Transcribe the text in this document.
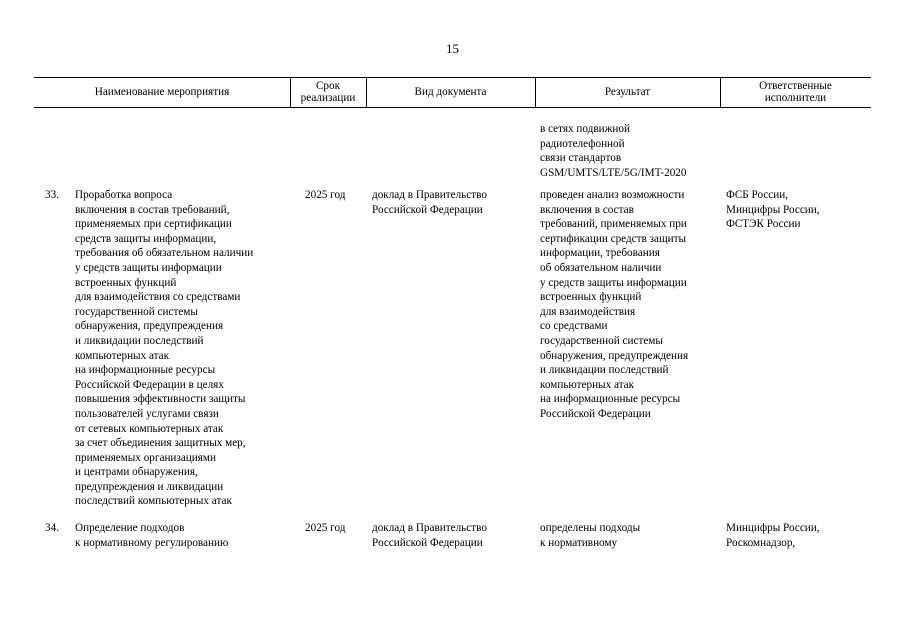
15
Наименование мероприятия
Срок
реализации
Вид документа	Результат
Ответственные
исполнители
в сетях подвижной
радиотелефонной
связи стандартов
GSM/UMTS/LTE/5G/IMT-2020
33. Проработка вопроса
включения в состав требований,
применяемых при сертификации
средств защиты информации,
требования об обязательном наличии
у средств защиты информации
встроенных функций
для взаимодействия со средствами
государственной системы
обнаружения, предупреждения
и ликвидации последствий
компьютерных атак
на информационные ресурсы
Российской Федерации в целях
повышения эффективности защиты
пользователей услугами связи
от сетевых компьютерных атак
за счет объединения защитных мер,
применяемых организациями
и центрами обнаружения,
предупреждения и ликвидации
последствий компьютерных атак
2025 год доклад в Правительство
Российской Федерации
проведен анализ возможности
включения в состав
требований, применяемых при
сертификации средств защиты
информации, требования
об обязательном наличии
у средств защиты информации
встроенных функций
для взаимодействия
со средствами
государственной системы
обнаружения, предупреждения
и ликвидации последствий
компьютерных атак
на информационные ресурсы
Российской Федерации
ФСБ России,
Минцифры России,
ФСТЭК России
34. Определение подходов
к нормативному регулированию
2025 год доклад в Правительство
Российской Федерации
определены подходы
к нормативному
Минцифры России,
Роскомнадзор,
